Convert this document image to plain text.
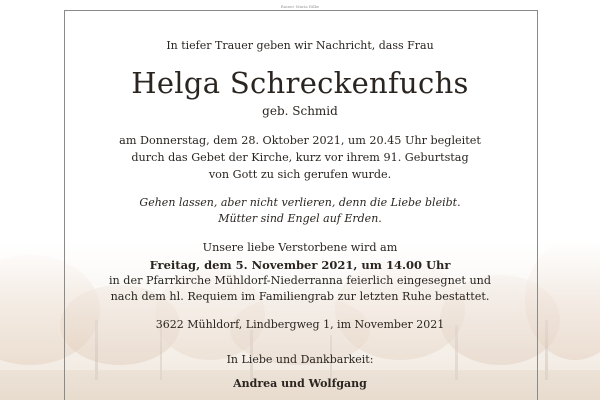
Rainer Maria Rilke
In tiefer Trauer geben wir Nachricht, dass Frau
Helga Schreckenfuchs
geb. Schmid
am Donnerstag, dem 28. Oktober 2021, um 20.45 Uhr begleitet
durch das Gebet der Kirche, kurz vor ihrem 91. Geburtstag
von Gott zu sich gerufen wurde.
Gehen lassen, aber nicht verlieren, denn die Liebe bleibt.
Mütter sind Engel auf Erden.
Unsere liebe Verstorbene wird am
Freitag, dem 5. November 2021, um 14.00 Uhr
in der Pfarrkirche Mühldorf-Niederranna feierlich eingesegnet und
nach dem hl. Requiem im Familiengrab zur letzten Ruhe bestattet.
3622 Mühldorf, Lindbergweg 1, im November 2021
In Liebe und Dankbarkeit:
Andrea und Wolfgang
